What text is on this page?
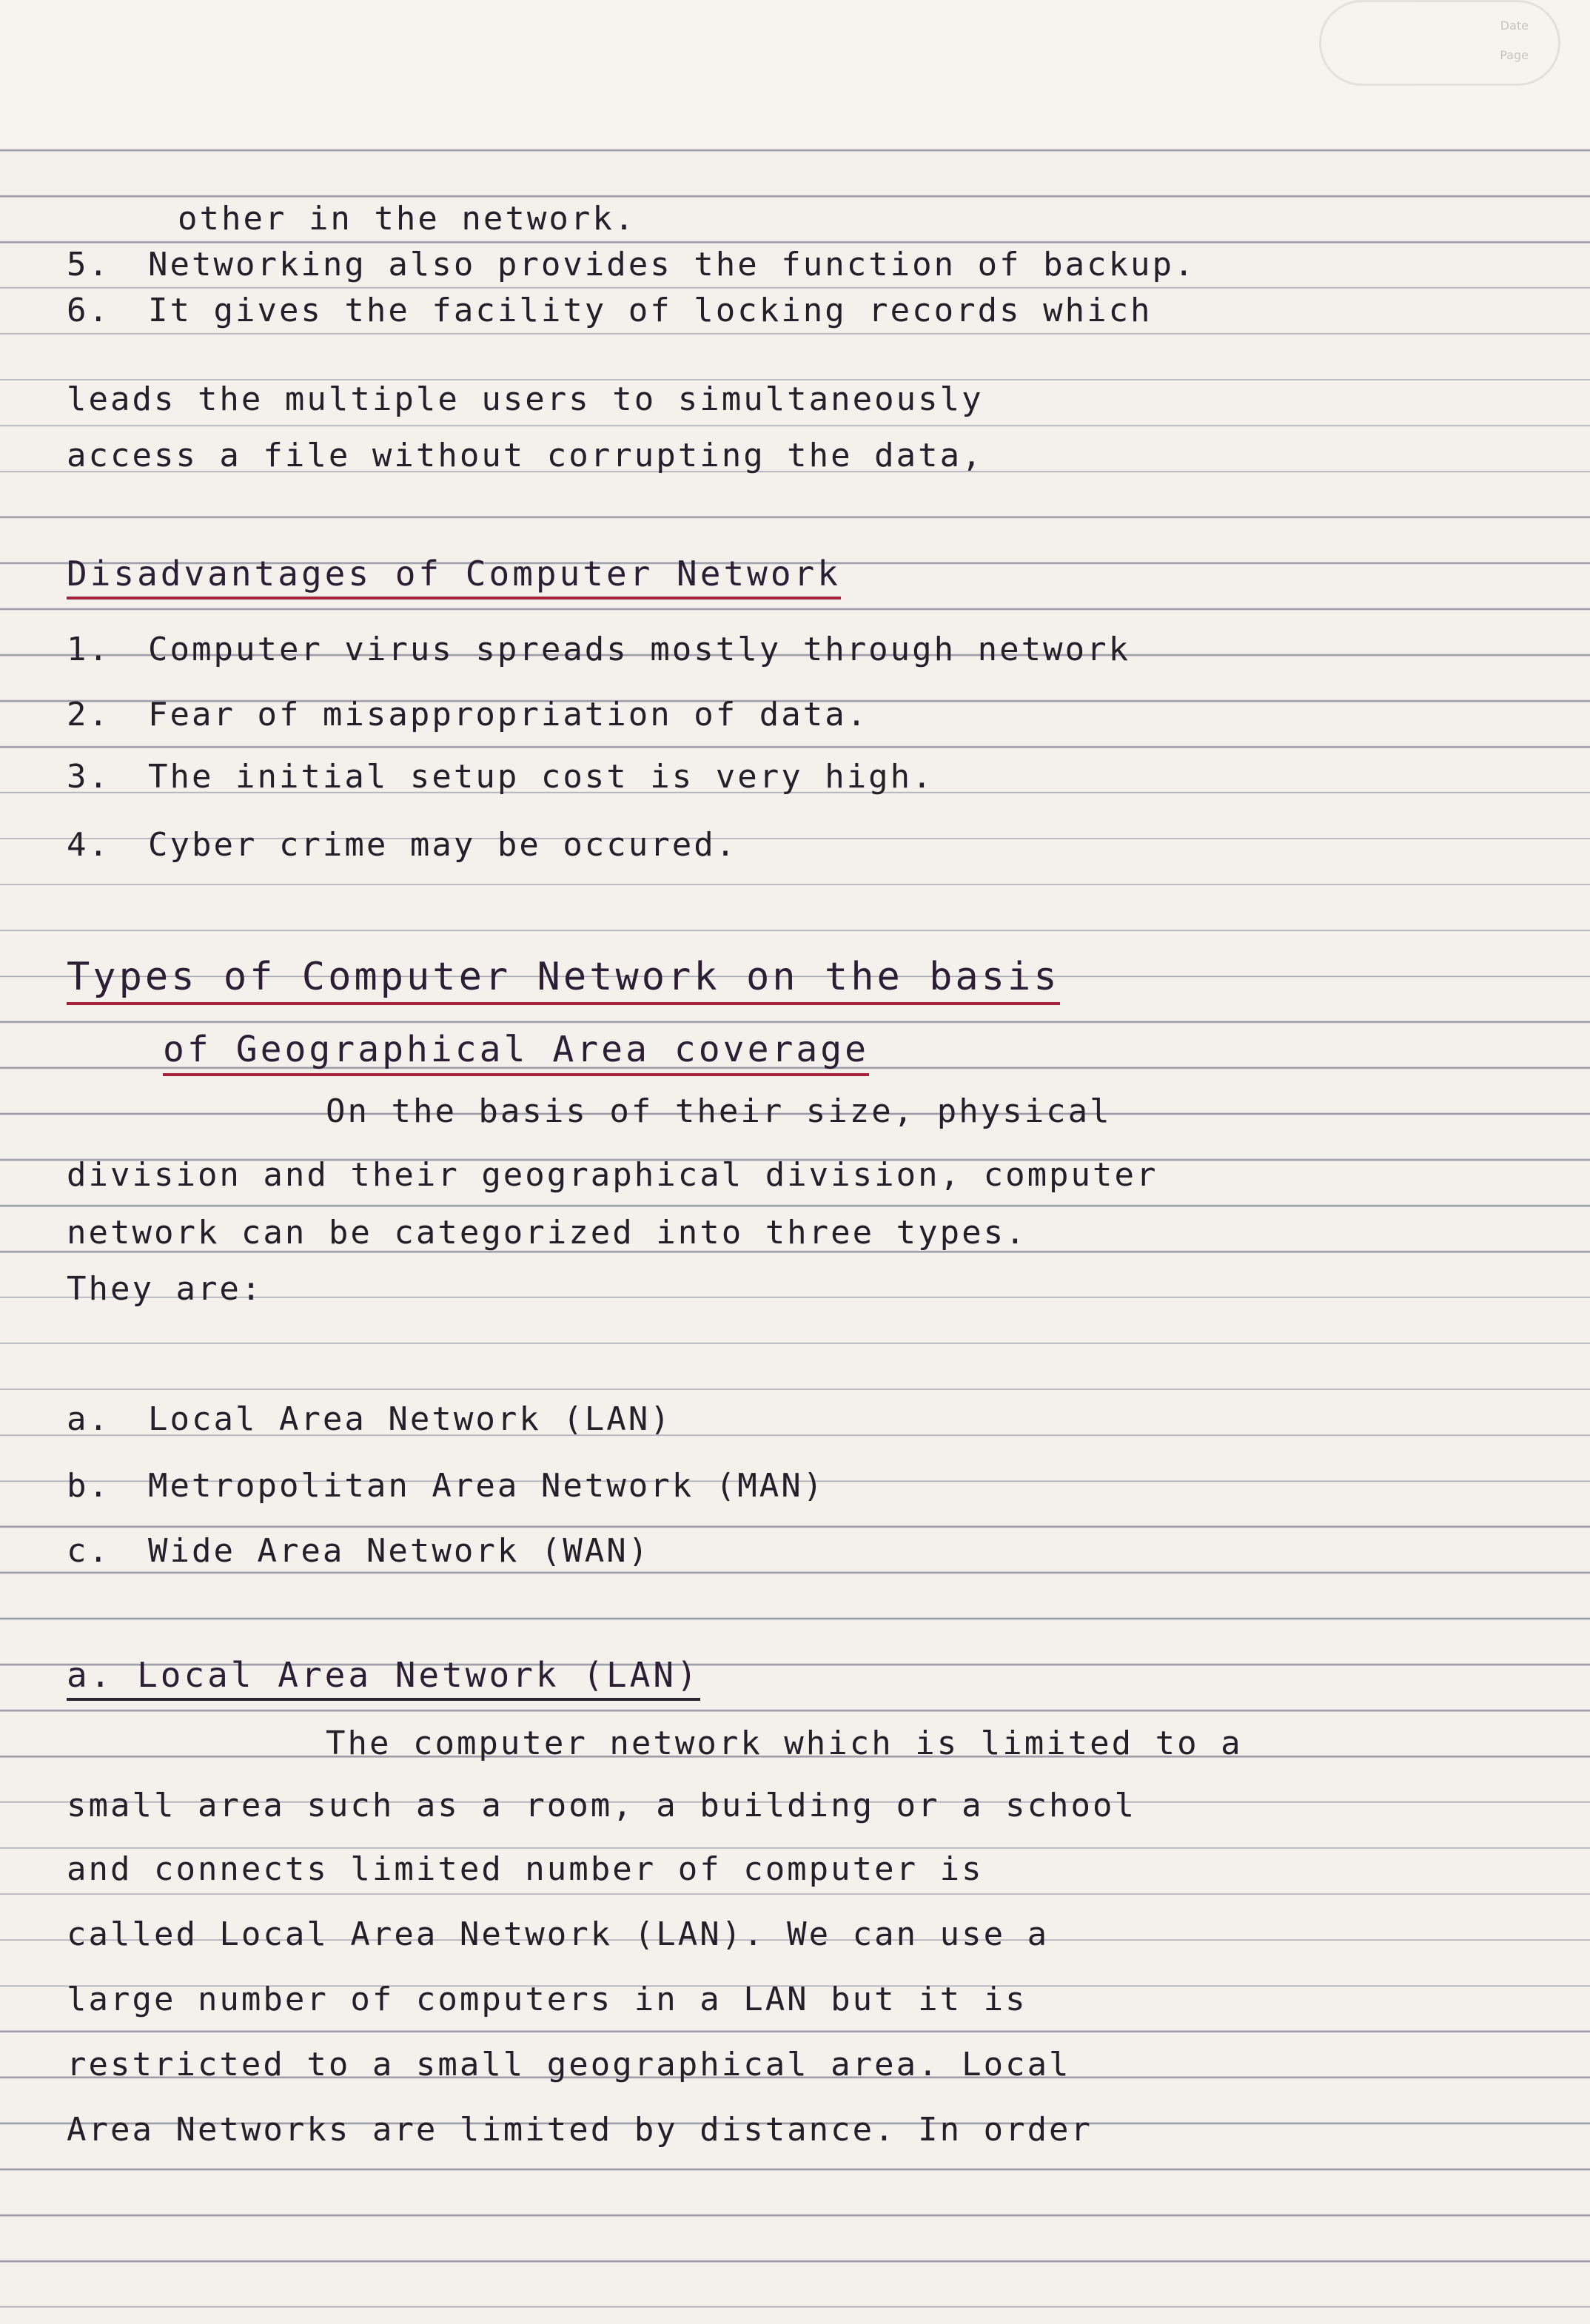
Date
Page
other in the network.
5. Networking also provides the function of backup.
6. It gives the facility of locking records which
leads the multiple users to simultaneously
access a file without corrupting the data,
Disadvantages of Computer Network
1. Computer virus spreads mostly through network
2. Fear of misappropriation of data.
3. The initial setup cost is very high.
4. Cyber crime may be occured.
Types of Computer Network on the basis
of Geographical Area coverage
On the basis of their size, physical
division and their geographical division, computer
network can be categorized into three types.
They are:
a. Local Area Network (LAN)
b. Metropolitan Area Network (MAN)
c. Wide Area Network (WAN)
a. Local Area Network (LAN)
The computer network which is limited to a
small area such as a room, a building or a school
and connects limited number of computer is
called Local Area Network (LAN). We can use a
large number of computers in a LAN but it is
restricted to a small geographical area. Local
Area Networks are limited by distance. In order
